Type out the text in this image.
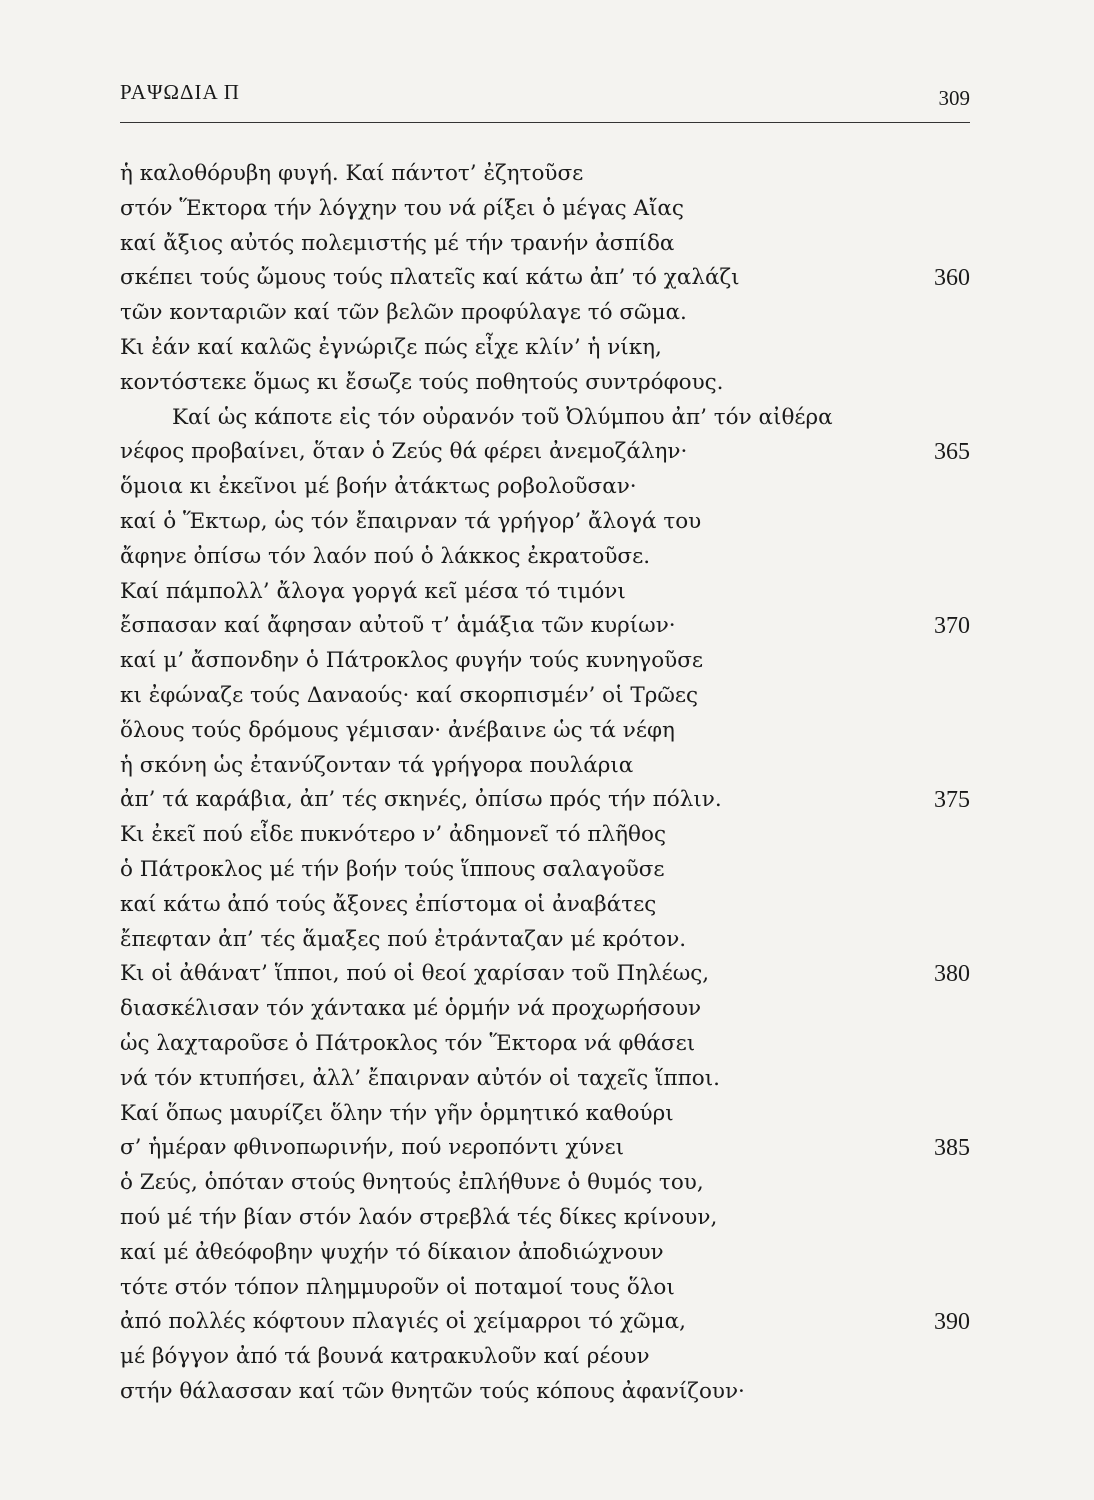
ΡΑΨΩΔΙΑ Π	309
ἡ καλοθόρυβη φυγή. Καί πάντοτ’ ἐζητοῦσε
στόν Ἕκτορα τήν λόγχην του νά ρίξει ὁ μέγας Αἴας
καί ἄξιος αὐτός πολεμιστής μέ τήν τρανήν ἀσπίδα
σκέπει τούς ὤμους τούς πλατεῖς καί κάτω ἀπ’ τό χαλάζι	360
τῶν κονταριῶν καί τῶν βελῶν προφύλαγε τό σῶμα.
Κι ἐάν καί καλῶς ἐγνώριζε πώς εἶχε κλίν’ ἡ νίκη,
κοντόστεκε ὅμως κι ἔσωζε τούς ποθητούς συντρόφους.
Καί ὡς κάποτε εἰς τόν οὐρανόν τοῦ Ὀλύμπου ἀπ’ τόν αἰθέρα
νέφος προβαίνει, ὅταν ὁ Ζεύς θά φέρει ἀνεμοζάλην·	365
ὅμοια κι ἐκεῖνοι μέ βοήν ἀτάκτως ροβολοῦσαν·
καί ὁ Ἕκτωρ, ὡς τόν ἔπαιρναν τά γρήγορ’ ἄλογά του
ἄφηνε ὀπίσω τόν λαόν πού ὁ λάκκος ἐκρατοῦσε.
Καί πάμπολλ’ ἄλογα γοργά κεῖ μέσα τό τιμόνι
ἔσπασαν καί ἄφησαν αὐτοῦ τ’ ἁμάξια τῶν κυρίων·	370
καί μ’ ἄσπονδην ὁ Πάτροκλος φυγήν τούς κυνηγοῦσε
κι ἐφώναζε τούς Δαναούς· καί σκορπισμέν’ οἱ Τρῶες
ὅλους τούς δρόμους γέμισαν· ἀνέβαινε ὡς τά νέφη
ἡ σκόνη ὡς ἐτανύζονταν τά γρήγορα πουλάρια
ἀπ’ τά καράβια, ἀπ’ τές σκηνές, ὀπίσω πρός τήν πόλιν.	375
Κι ἐκεῖ πού εἶδε πυκνότερο ν’ ἀδημονεῖ τό πλῆθος
ὁ Πάτροκλος μέ τήν βοήν τούς ἵππους σαλαγοῦσε
καί κάτω ἀπό τούς ἄξονες ἐπίστομα οἱ ἀναβάτες
ἔπεφταν ἀπ’ τές ἅμαξες πού ἐτράνταζαν μέ κρότον.
Κι οἱ ἀθάνατ’ ἵπποι, πού οἱ θεοί χαρίσαν τοῦ Πηλέως,	380
διασκέλισαν τόν χάντακα μέ ὁρμήν νά προχωρήσουν
ὡς λαχταροῦσε ὁ Πάτροκλος τόν Ἕκτορα νά φθάσει
νά τόν κτυπήσει, ἀλλ’ ἔπαιρναν αὐτόν οἱ ταχεῖς ἵπποι.
Καί ὅπως μαυρίζει ὅλην τήν γῆν ὁρμητικό καθούρι
σ’ ἡμέραν φθινοπωρινήν, πού νεροπόντι χύνει	385
ὁ Ζεύς, ὁπόταν στούς θνητούς ἐπλήθυνε ὁ θυμός του,
πού μέ τήν βίαν στόν λαόν στρεβλά τές δίκες κρίνουν,
καί μέ ἀθεόφοβην ψυχήν τό δίκαιον ἀποδιώχνουν
τότε στόν τόπον πλημμυροῦν οἱ ποταμοί τους ὅλοι
ἀπό πολλές κόφτουν πλαγιές οἱ χείμαρροι τό χῶμα,	390
μέ βόγγον ἀπό τά βουνά κατρακυλοῦν καί ρέουν
στήν θάλασσαν καί τῶν θνητῶν τούς κόπους ἀφανίζουν·
